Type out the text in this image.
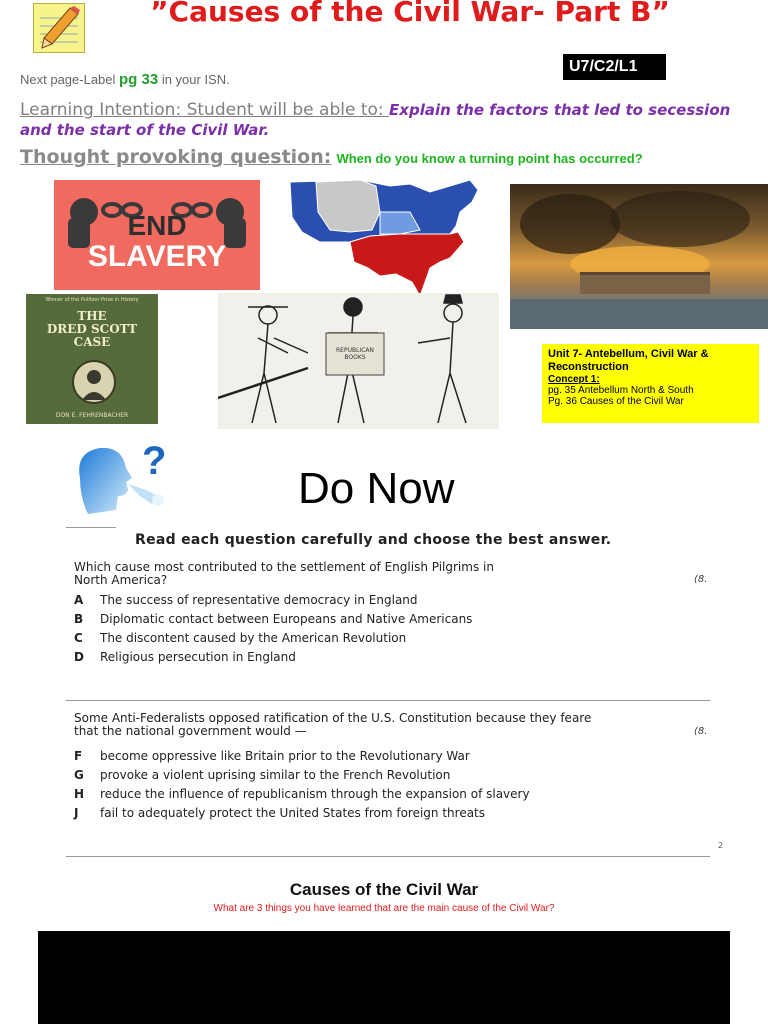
”Causes of the Civil War- Part B”
U7/C2/L1
Next page-Label pg 33 in your ISN.
Learning Intention: Student will be able to: Explain the factors that led to secession and the start of the Civil War.
Thought provoking question: When do you know a turning point has occurred?
END
SLAVERY
Winner of the Pulitzer Prize in History
THE
DRED SCOTT
CASE
DON E. FEHRENBACHER
REPUBLICAN BOOKS	Unit 7- Antebellum, Civil War & Reconstruction
Concept 1:
pg. 35 Antebellum North & South
Pg. 36 Causes of the Civil War
?
Do Now
Read each question carefully and choose the best answer.
Which cause most contributed to the settlement of English Pilgrims in
North America?	(8.
A The success of representative democracy in England
B Diplomatic contact between Europeans and Native Americans
C The discontent caused by the American Revolution
D Religious persecution in England
Some Anti-Federalists opposed ratification of the U.S. Constitution because they feare
that the national government would —	(8.
F become oppressive like Britain prior to the Revolutionary War
G provoke a violent uprising similar to the French Revolution
H reduce the influence of republicanism through the expansion of slavery
J fail to adequately protect the United States from foreign threats
2
Causes of the Civil War
What are 3 things you have learned that are the main cause of the Civil War?
